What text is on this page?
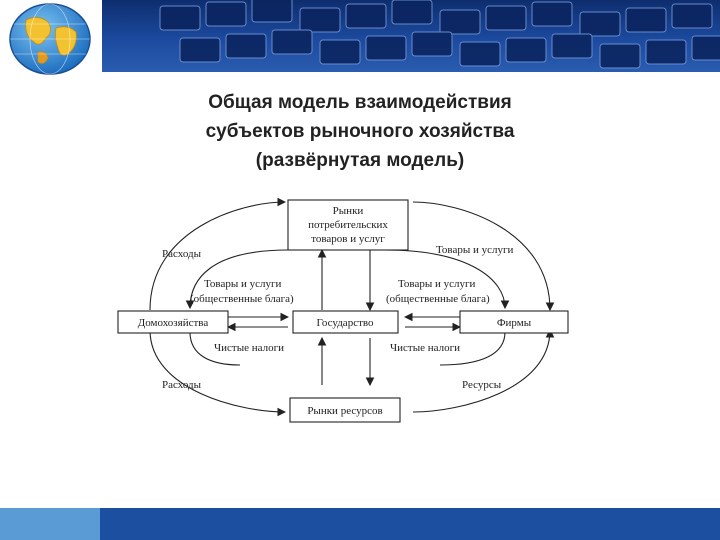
Общая модель взаимодействия
субъектов рыночного хозяйства
(развёрнутая модель)
Рынки
потребительских
товаров и услуг
Домохозяйства	Государство	Фирмы
Рынки ресурсов
Расходы	Товары и услуги
Товары и услуги
(общественные блага)
Товары и услуги
(общественные блага)
Чистые налоги	Чистые налоги
Расходы	Ресурсы
